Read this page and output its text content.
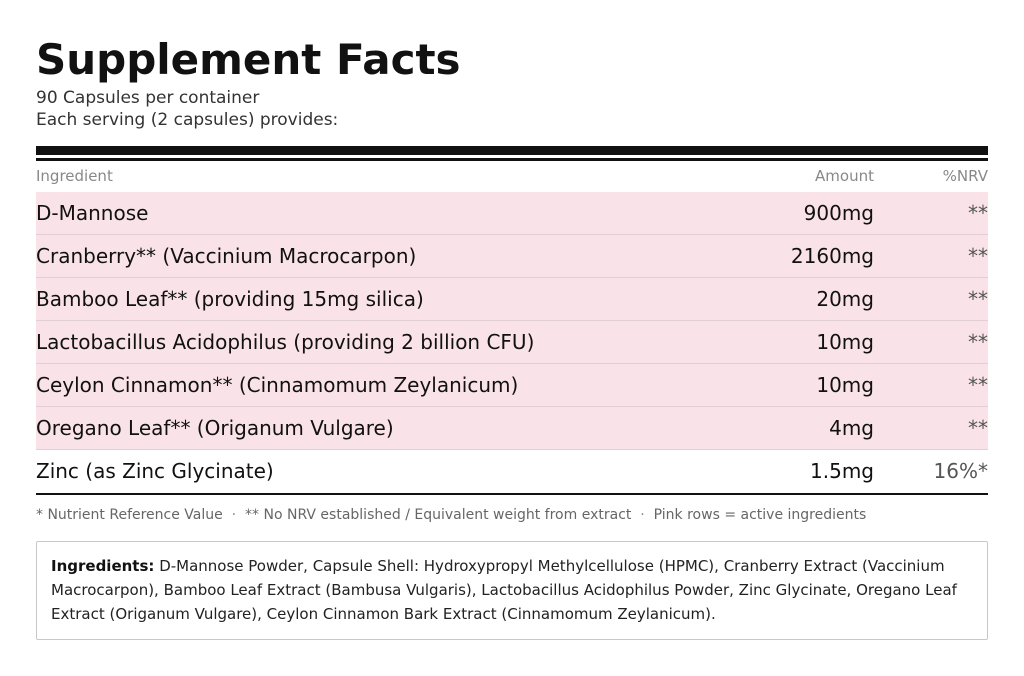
Supplement Facts
90 Capsules per container
Each serving (2 capsules) provides:
Ingredient	Amount	%NRV
D-Mannose	900mg	**
Cranberry** (Vaccinium Macrocarpon)	2160mg	**
Bamboo Leaf** (providing 15mg silica)	20mg	**
Lactobacillus Acidophilus (providing 2 billion CFU)	10mg	**
Ceylon Cinnamon** (Cinnamomum Zeylanicum)	10mg	**
Oregano Leaf** (Origanum Vulgare)	4mg	**
Zinc (as Zinc Glycinate)	1.5mg	16%*
* Nutrient Reference Value · ** No NRV established / Equivalent weight from extract · Pink rows = active ingredients
Ingredients: D-Mannose Powder, Capsule Shell: Hydroxypropyl Methylcellulose (HPMC), Cranberry Extract (Vaccinium Macrocarpon), Bamboo Leaf Extract (Bambusa Vulgaris), Lactobacillus Acidophilus Powder, Zinc Glycinate, Oregano Leaf Extract (Origanum Vulgare), Ceylon Cinnamon Bark Extract (Cinnamomum Zeylanicum).
